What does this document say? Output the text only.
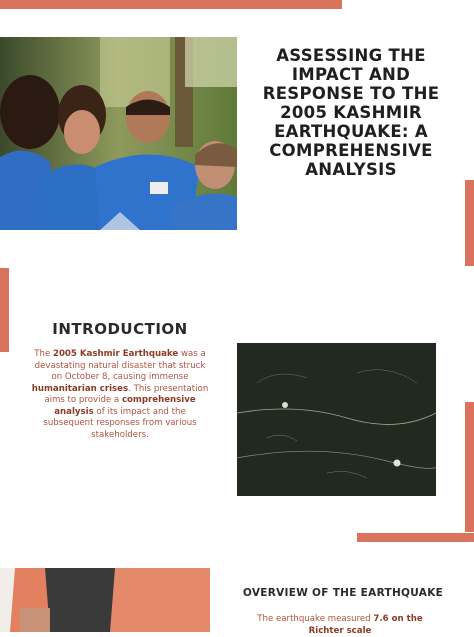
ASSESSING THE IMPACT AND RESPONSE TO THE 2005 KASHMIR EARTHQUAKE: A COMPREHENSIVE ANALYSIS
INTRODUCTION
The 2005 Kashmir Earthquake was a devastating natural disaster that struck on October 8, causing immense humanitarian crises. This presentation aims to provide a comprehensive analysis of its impact and the subsequent responses from various stakeholders.
OVERVIEW OF THE EARTHQUAKE
The earthquake measured 7.6 on the Richter scale
